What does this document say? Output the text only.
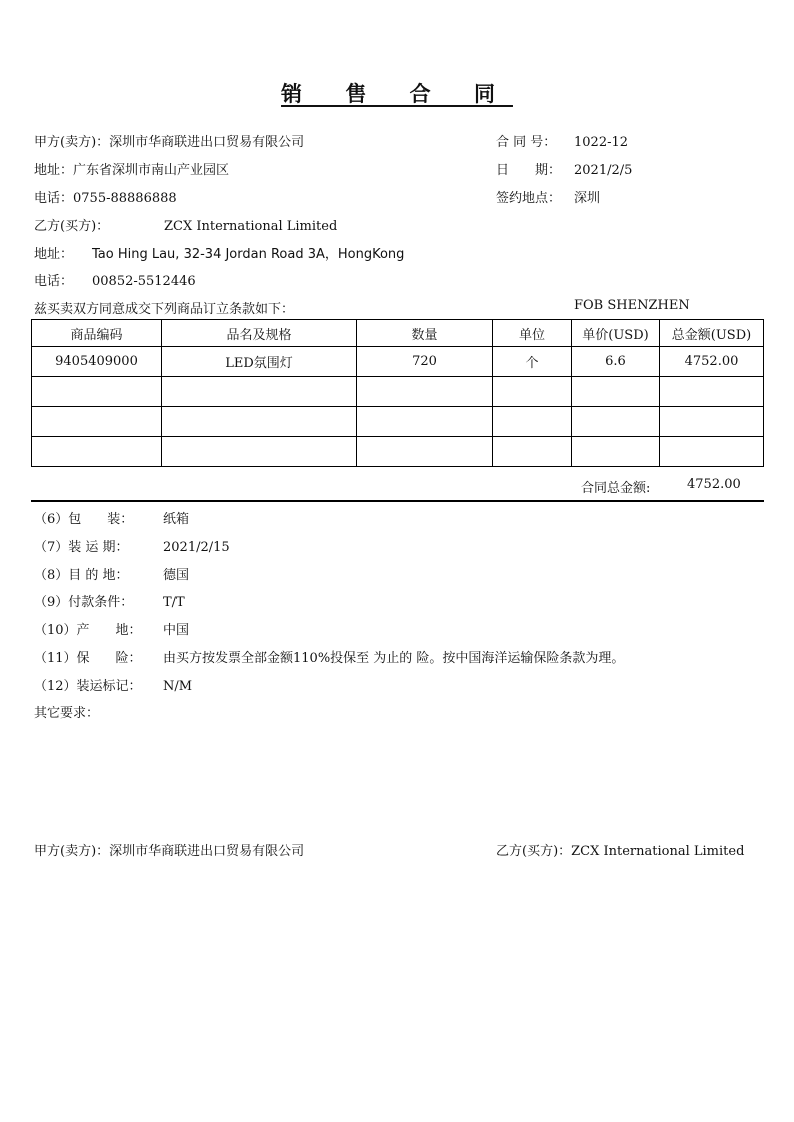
销 售 合 同
甲方(卖方)：深圳市华商联进出口贸易有限公司
地址：广东省深圳市南山产业园区
电话：0755-88886888
乙方(买方)：	ZCX International Limited
地址： Tao Hing Lau, 32-34 Jordan Road 3A，HongKong
电话： 00852-5512446
合 同 号： 1022-12
日　　期： 2021/2/5
签约地点： 深圳
兹买卖双方同意成交下列商品订立条款如下：	FOB SHENZHEN
商品编码	品名及规格	数量	单位	单价(USD)	总金额(USD)
9405409000	LED氛围灯	720	个	6.6	4752.00

合同总金额:	4752.00
（6）包　　装： 纸箱
（7）装 运 期：	2021/2/15
（8）目 的 地：	德国
（9）付款条件： T/T
（10）产　　地： 中国
（11）保　　险： 由买方按发票全部金额110%投保至 为止的 险。按中国海洋运输保险条款为理。
（12）装运标记： N/M
其它要求：
甲方(卖方)：深圳市华商联进出口贸易有限公司	乙方(买方)：ZCX International Limited
